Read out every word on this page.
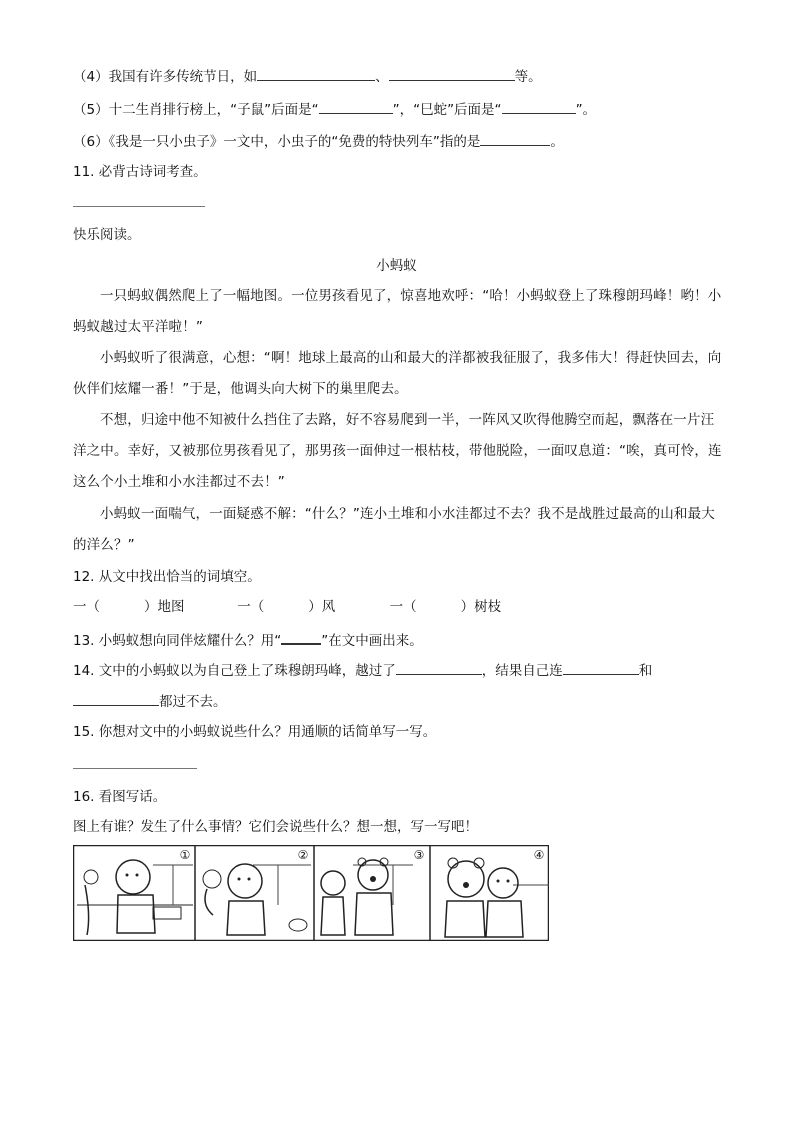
（4）我国有许多传统节日，如	、	等。
（5）十二生肖排行榜上，“子鼠”后面是“	”，“巳蛇”后面是“	”。
（6）《我是一只小虫子》一文中，小虫子的“免费的特快列车”指的是	。
11. 必背古诗词考查。
快乐阅读。
小蚂蚁
一只蚂蚁偶然爬上了一幅地图。一位男孩看见了，惊喜地欢呼：“哈！小蚂蚁登上了珠穆朗玛峰！哟！小蚂蚁越过太平洋啦！”
小蚂蚁听了很满意，心想：“啊！地球上最高的山和最大的洋都被我征服了，我多伟大！得赶快回去，向伙伴们炫耀一番！”于是，他调头向大树下的巢里爬去。
不想，归途中他不知被什么挡住了去路，好不容易爬到一半，一阵风又吹得他腾空而起，飘落在一片汪洋之中。幸好，又被那位男孩看见了，那男孩一面伸过一根枯枝，带他脱险，一面叹息道：“唉，真可怜，连这么个小土堆和小水洼都过不去！”
小蚂蚁一面喘气，一面疑惑不解：“什么？”连小土堆和小水洼都过不去？我不是战胜过最高的山和最大的洋么？”
12. 从文中找出恰当的词填空。
一（	）地图	一（	）风	一（	）树枝
13. 小蚂蚁想向同伴炫耀什么？用“	”在文中画出来。
14. 文中的小蚂蚁以为自己登上了珠穆朗玛峰，越过了	，结果自己连	和
都过不去。
15. 你想对文中的小蚂蚁说些什么？用通顺的话简单写一写。
16. 看图写话。
图上有谁？发生了什么事情？它们会说些什么？想一想，写一写吧！
①	②	③	④
